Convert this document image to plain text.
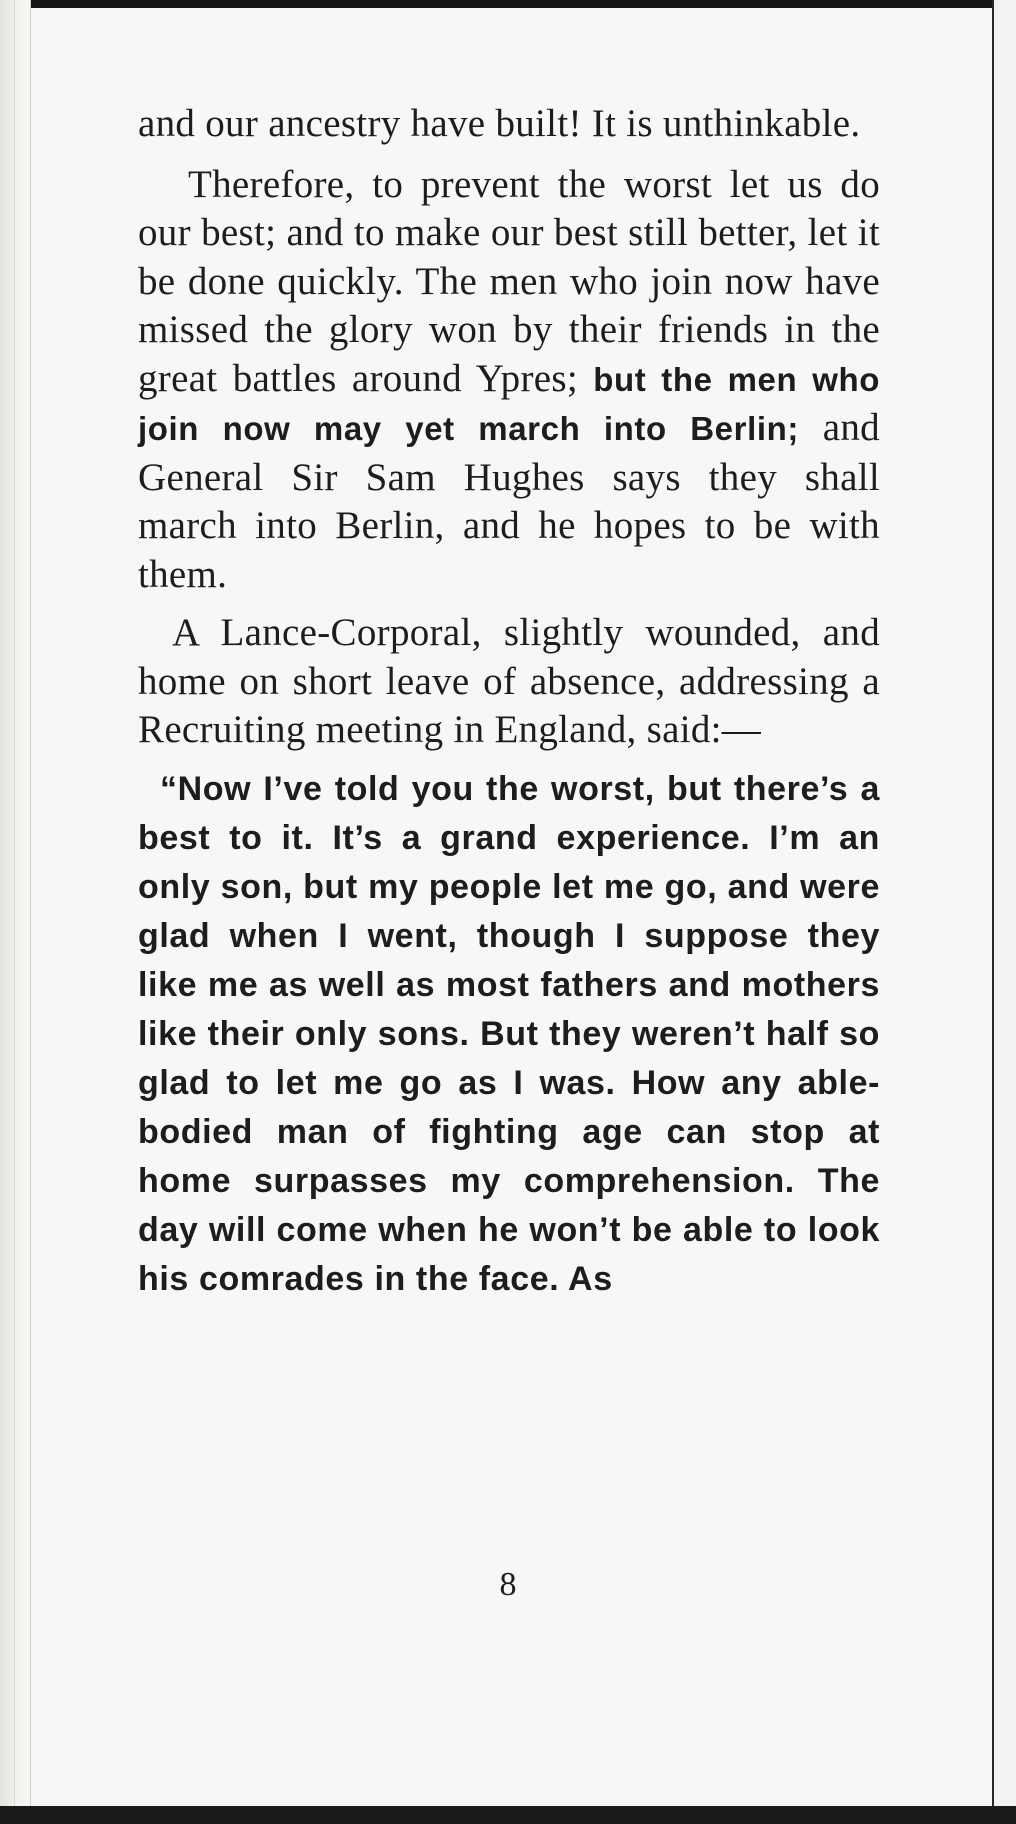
and our ancestry have built! It is unthinkable.

Therefore, to prevent the worst let us do our best; and to make our best still better, let it be done quickly. The men who join now have missed the glory won by their friends in the great battles around Ypres; but the men who join now may yet march into Berlin; and General Sir Sam Hughes says they shall march into Berlin, and he hopes to be with them.

A Lance-Corporal, slightly wounded, and home on short leave of absence, addressing a Recruiting meeting in England, said:—

“Now I’ve told you the worst, but there’s a best to it. It’s a grand experience. I’m an only son, but my people let me go, and were glad when I went, though I suppose they like me as well as most fathers and mothers like their only sons. But they weren’t half so glad to let me go as I was. How any able-bodied man of fighting age can stop at home surpasses my comprehension. The day will come when he won’t be able to look his comrades in the face. As

8
